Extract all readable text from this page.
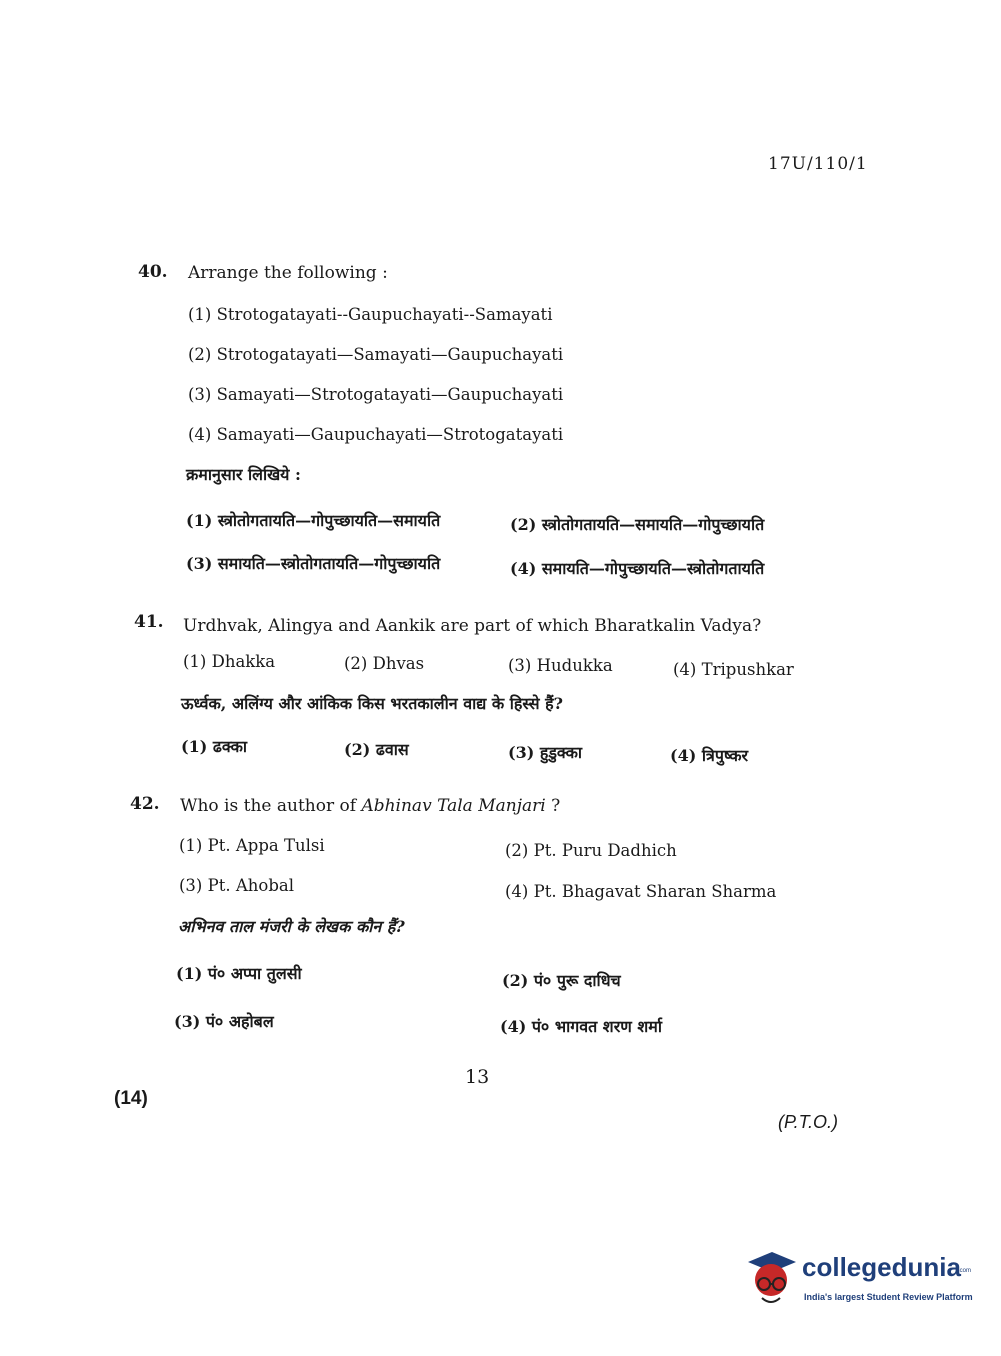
17U/110/1
40. Arrange the following :
(1) Strotogatayati--Gaupuchayati--Samayati
(2) Strotogatayati—Samayati—Gaupuchayati
(3) Samayati—Strotogatayati—Gaupuchayati
(4) Samayati—Gaupuchayati—Strotogatayati
क्रमानुसार लिखिये :
(1) स्त्रोतोगतायति—गोपुच्छायति—समायति	(2) स्त्रोतोगतायति—समायति—गोपुच्छायति
(3) समायति—स्त्रोतोगतायति—गोपुच्छायति	(4) समायति—गोपुच्छायति—स्त्रोतोगतायति
41. Urdhvak, Alingya and Aankik are part of which Bharatkalin Vadya?
(1) Dhakka	(2) Dhvas	(3) Hudukka	(4) Tripushkar
ऊर्ध्वक, अलिंग्य और आंकिक किस भरतकालीन वाद्य के हिस्से हैं?
(1) ढक्का	(2) ढवास	(3) हुडुक्का	(4) त्रिपुष्कर
42. Who is the author of Abhinav Tala Manjari ?
(1) Pt. Appa Tulsi	(2) Pt. Puru Dadhich
(3) Pt. Ahobal	(4) Pt. Bhagavat Sharan Sharma
अभिनव ताल मंजरी के लेखक कौन हैं?
(1) पं० अप्पा तुलसी	(2) पं० पुरू दाधिच
(3) पं० अहोबल	(4) पं० भागवत शरण शर्मा
13
(14)
(P.T.O.)
collegedunia
.com
India's largest Student Review Platform
